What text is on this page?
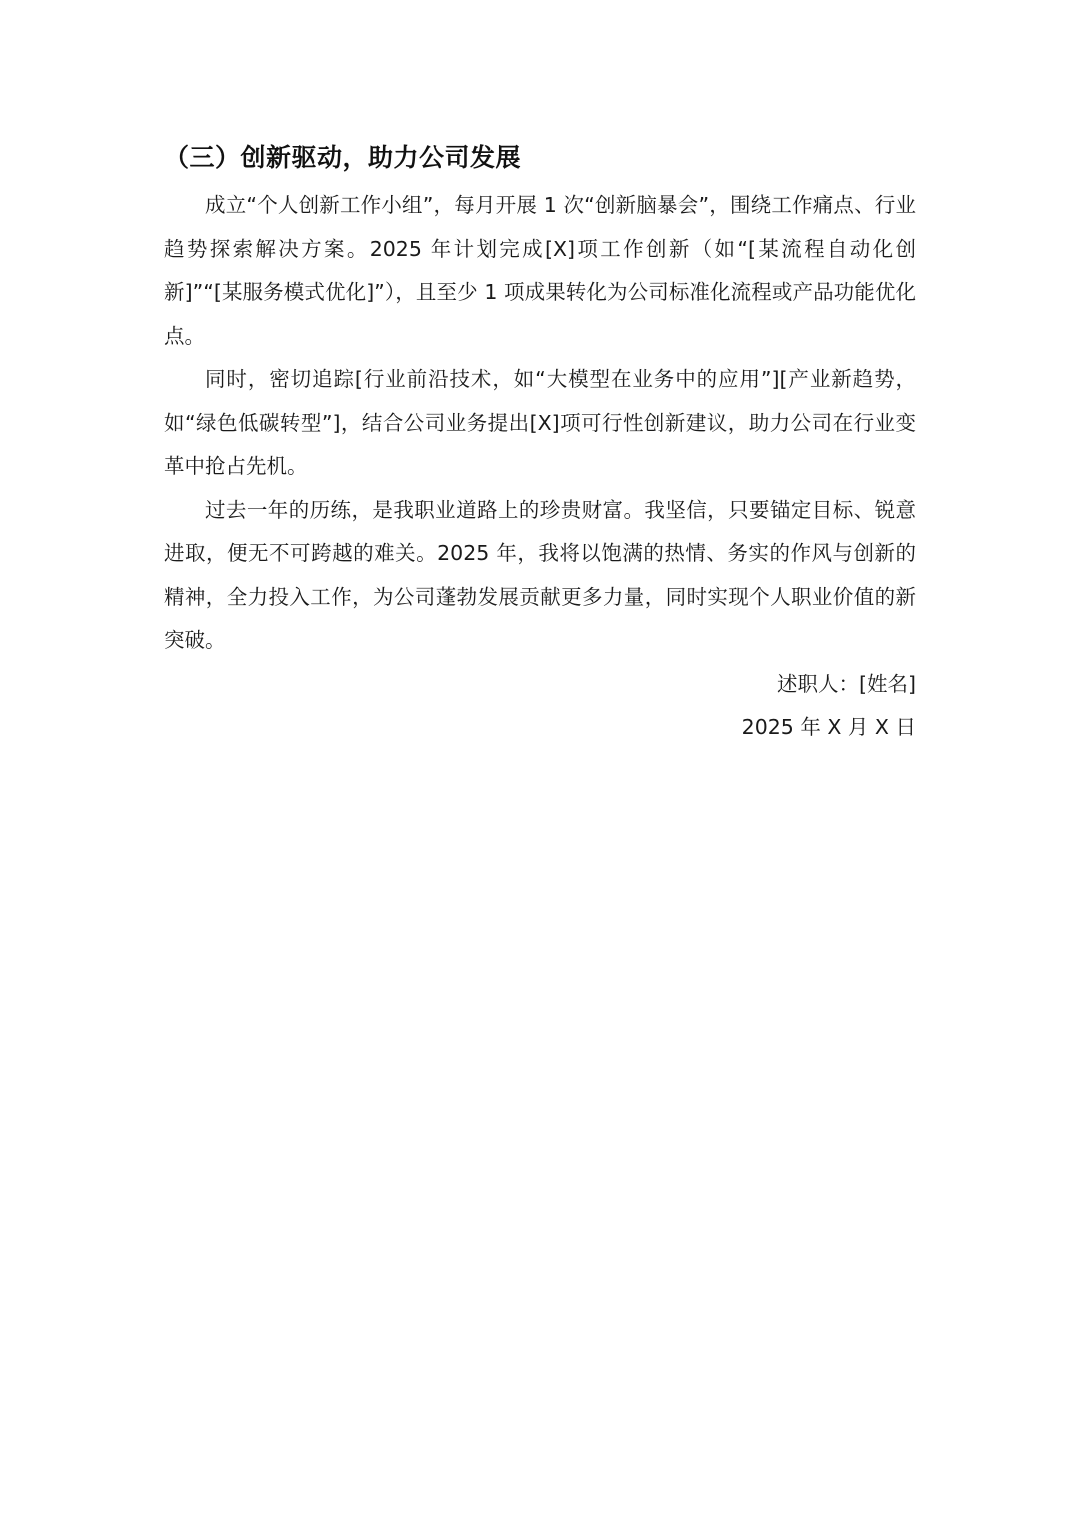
（三）创新驱动，助力公司发展

成立“个人创新工作小组”，每月开展 1 次“创新脑暴会”，围绕工作痛点、行业趋势探索解决方案。2025 年计划完成[X]项工作创新（如“[某流程自动化创新]”“[某服务模式优化]”），且至少 1 项成果转化为公司标准化流程或产品功能优化点。

同时，密切追踪[行业前沿技术，如“大模型在业务中的应用”][产业新趋势，如“绿色低碳转型”]，结合公司业务提出[X]项可行性创新建议，助力公司在行业变革中抢占先机。

过去一年的历练，是我职业道路上的珍贵财富。我坚信，只要锚定目标、锐意进取，便无不可跨越的难关。2025 年，我将以饱满的热情、务实的作风与创新的精神，全力投入工作，为公司蓬勃发展贡献更多力量，同时实现个人职业价值的新突破。

述职人：[姓名]

2025 年 X 月 X 日
